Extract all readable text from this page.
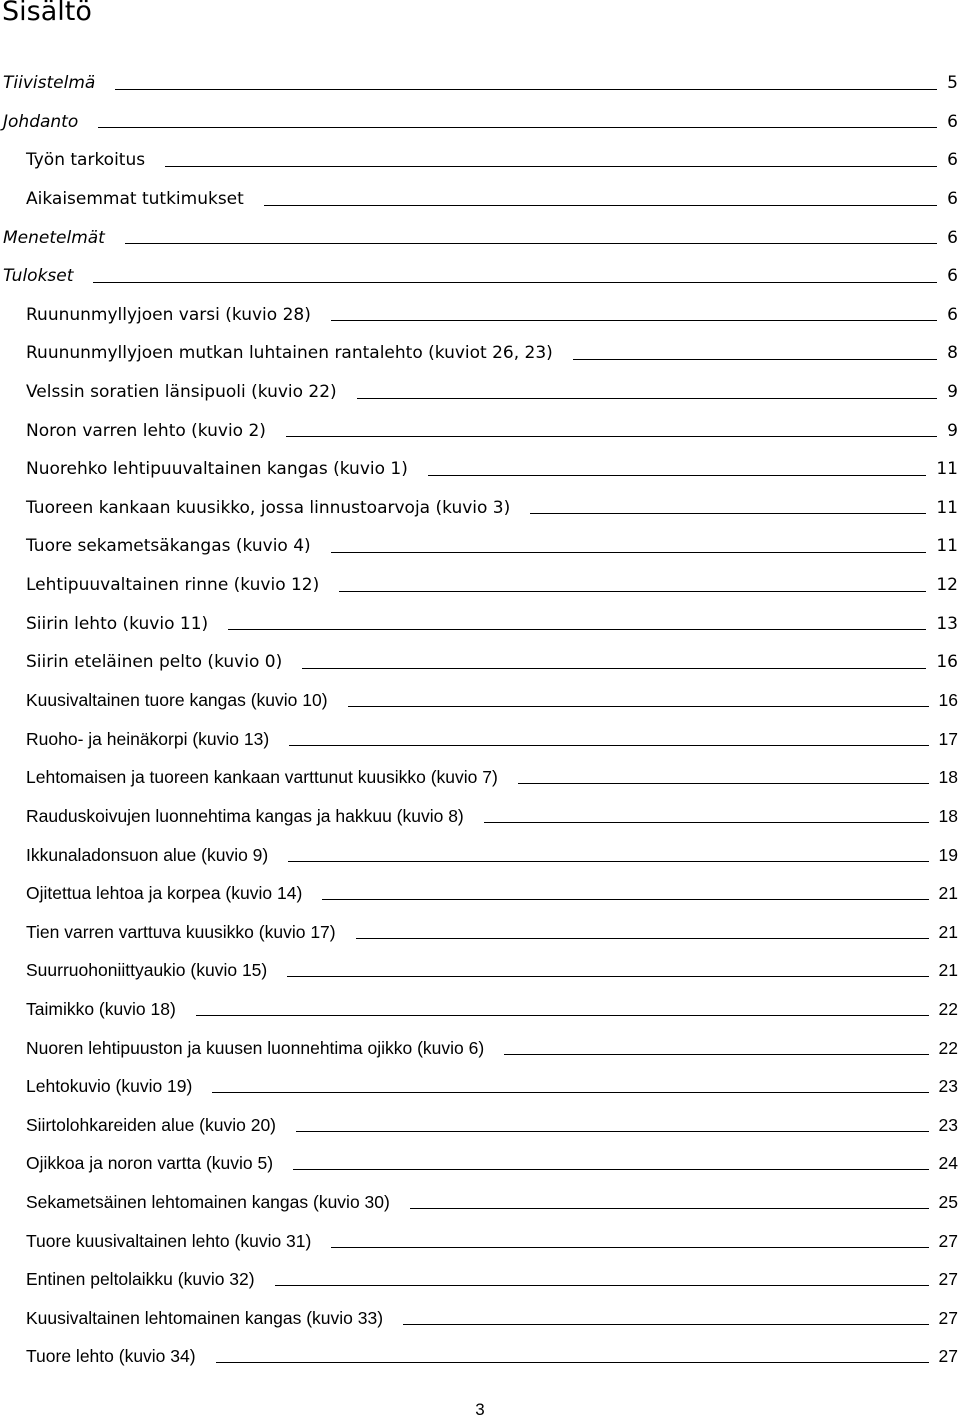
Sisältö
Tiivistelmä	5
Johdanto	6
Työn tarkoitus	6
Aikaisemmat tutkimukset	6
Menetelmät	6
Tulokset	6
Ruununmyllyjoen varsi (kuvio 28)	6
Ruununmyllyjoen mutkan luhtainen rantalehto (kuviot 26, 23)	8
Velssin soratien länsipuoli (kuvio 22)	9
Noron varren lehto (kuvio 2)	9
Nuorehko lehtipuuvaltainen kangas (kuvio 1)	11
Tuoreen kankaan kuusikko, jossa linnustoarvoja (kuvio 3)	11
Tuore sekametsäkangas (kuvio 4)	11
Lehtipuuvaltainen rinne (kuvio 12)	12
Siirin lehto (kuvio 11)	13
Siirin eteläinen pelto (kuvio 0)	16
Kuusivaltainen tuore kangas (kuvio 10)	16
Ruoho- ja heinäkorpi (kuvio 13)	17
Lehtomaisen ja tuoreen kankaan varttunut kuusikko (kuvio 7)	18
Rauduskoivujen luonnehtima kangas ja hakkuu (kuvio 8)	18
Ikkunaladonsuon alue (kuvio 9)	19
Ojitettua lehtoa ja korpea (kuvio 14)	21
Tien varren varttuva kuusikko (kuvio 17)	21
Suurruohoniittyaukio (kuvio 15)	21
Taimikko (kuvio 18)	22
Nuoren lehtipuuston ja kuusen luonnehtima ojikko (kuvio 6)	22
Lehtokuvio (kuvio 19)	23
Siirtolohkareiden alue (kuvio 20)	23
Ojikkoa ja noron vartta (kuvio 5)	24
Sekametsäinen lehtomainen kangas (kuvio 30)	25
Tuore kuusivaltainen lehto (kuvio 31)	27
Entinen peltolaikku (kuvio 32)	27
Kuusivaltainen lehtomainen kangas (kuvio 33)	27
Tuore lehto (kuvio 34)	27
3
